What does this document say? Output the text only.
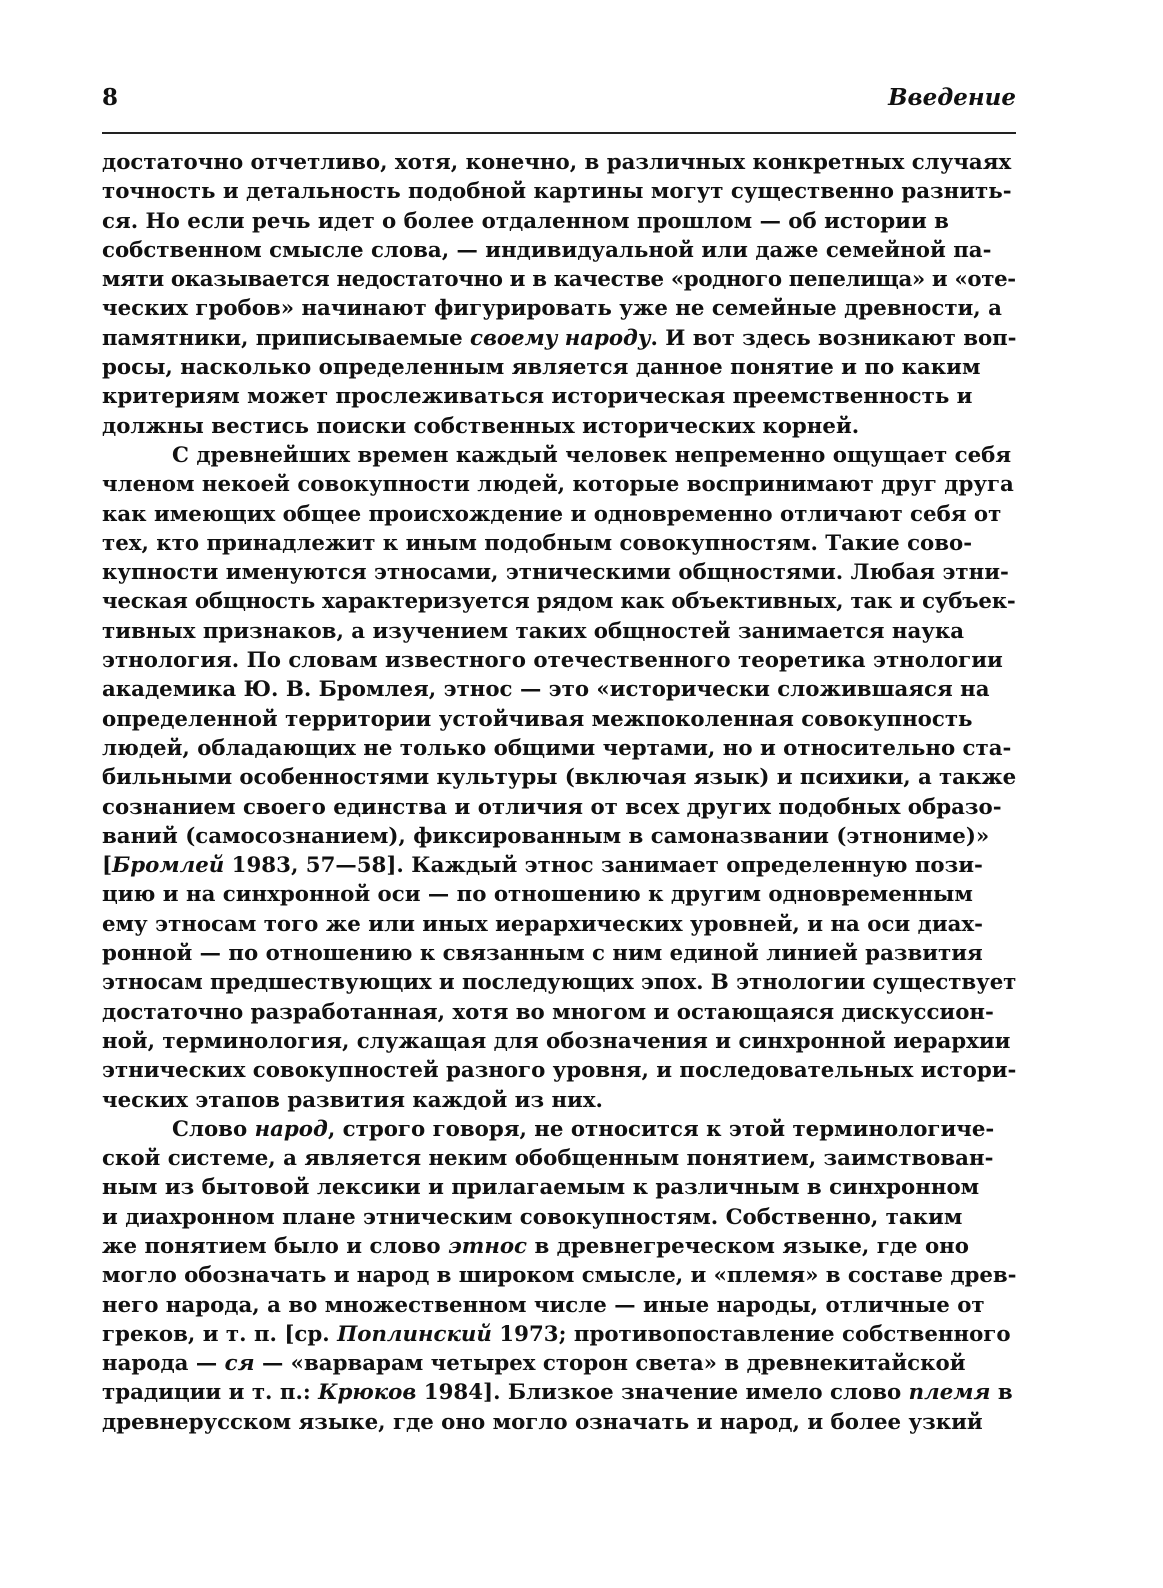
8	Введение
достаточно отчетливо, хотя, конечно, в различных конкретных случаях
точность и детальность подобной картины могут существенно разнить-
ся. Но если речь идет о более отдаленном прошлом — об истории в
собственном смысле слова, — индивидуальной или даже семейной па-
мяти оказывается недостаточно и в качестве «родного пепелища» и «оте-
ческих гробов» начинают фигурировать уже не семейные древности, а
памятники, приписываемые своему народу. И вот здесь возникают воп-
росы, насколько определенным является данное понятие и по каким
критериям может прослеживаться историческая преемственность и
должны вестись поиски собственных исторических корней.
С древнейших времен каждый человек непременно ощущает себя
членом некоей совокупности людей, которые воспринимают друг друга
как имеющих общее происхождение и одновременно отличают себя от
тех, кто принадлежит к иным подобным совокупностям. Такие сово-
купности именуются этносами, этническими общностями. Любая этни-
ческая общность характеризуется рядом как объективных, так и субъек-
тивных признаков, а изучением таких общностей занимается наука
этнология. По словам известного отечественного теоретика этнологии
академика Ю. В. Бромлея, этнос — это «исторически сложившаяся на
определенной территории устойчивая межпоколенная совокупность
людей, обладающих не только общими чертами, но и относительно ста-
бильными особенностями культуры (включая язык) и психики, а также
сознанием своего единства и отличия от всех других подобных образо-
ваний (самосознанием), фиксированным в самоназвании (этнониме)»
[Бромлей 1983, 57—58]. Каждый этнос занимает определенную пози-
цию и на синхронной оси — по отношению к другим одновременным
ему этносам того же или иных иерархических уровней, и на оси диах-
ронной — по отношению к связанным с ним единой линией развития
этносам предшествующих и последующих эпох. В этнологии существует
достаточно разработанная, хотя во многом и остающаяся дискуссион-
ной, терминология, служащая для обозначения и синхронной иерархии
этнических совокупностей разного уровня, и последовательных истори-
ческих этапов развития каждой из них.
Слово народ, строго говоря, не относится к этой терминологиче-
ской системе, а является неким обобщенным понятием, заимствован-
ным из бытовой лексики и прилагаемым к различным в синхронном
и диахронном плане этническим совокупностям. Собственно, таким
же понятием было и слово этнос в древнегреческом языке, где оно
могло обозначать и народ в широком смысле, и «племя» в составе древ-
него народа, а во множественном числе — иные народы, отличные от
греков, и т. п. [ср. Поплинский 1973; противопоставление собственного
народа — ся — «варварам четырех сторон света» в древнекитайской
традиции и т. п.: Крюков 1984]. Близкое значение имело слово племя в
древнерусском языке, где оно могло означать и народ, и более узкий
